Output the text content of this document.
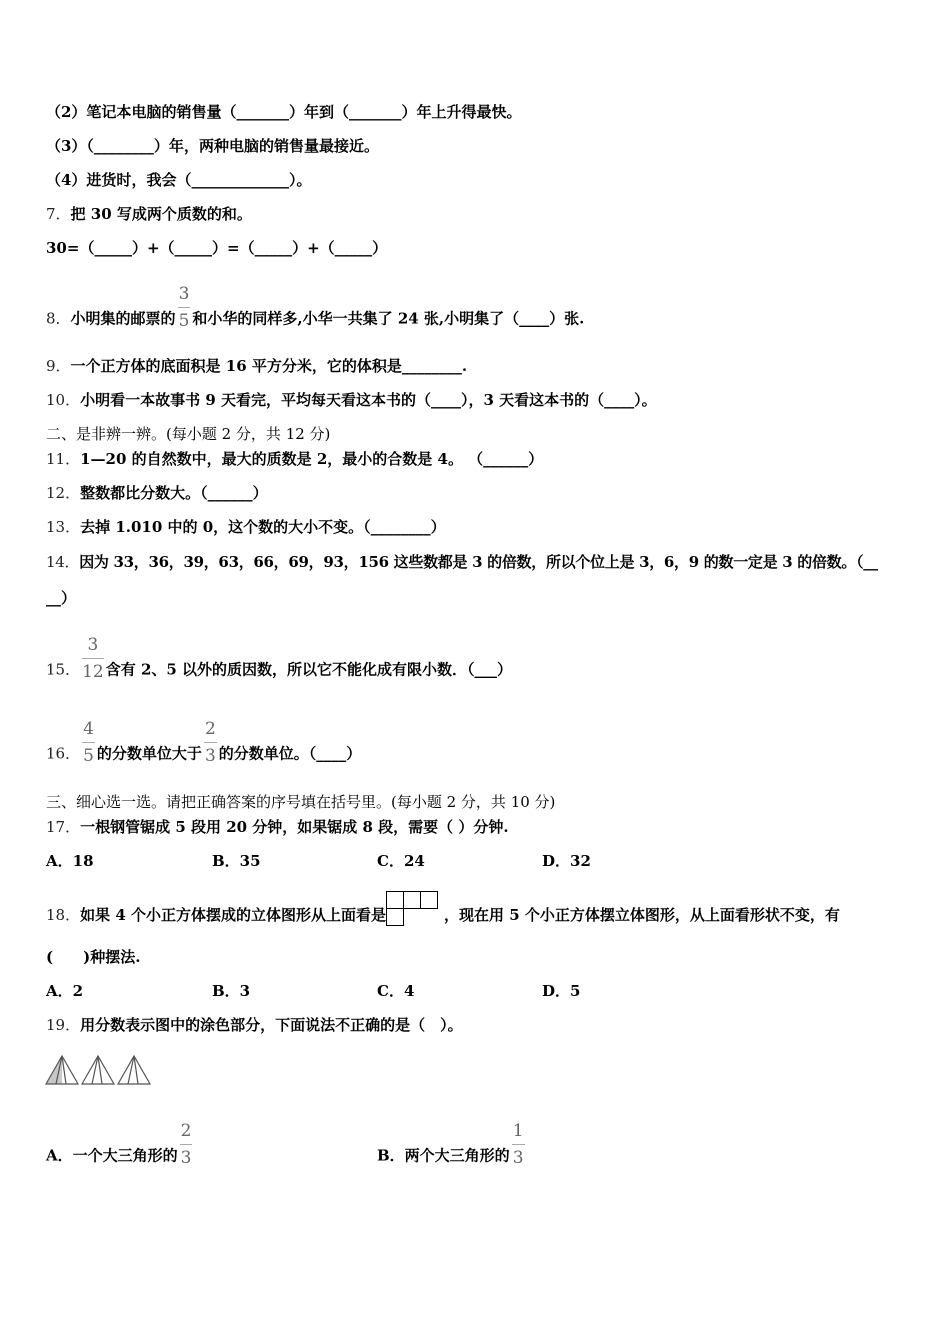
（2）笔记本电脑的销售量（_______）年到（_______）年上升得最快。
（3）（________）年，两种电脑的销售量最接近。
（4）进货时，我会（_____________）。
7．把 30 写成两个质数的和。
30=（_____）+（_____）=（_____）+（_____）
8．小明集的邮票的 $\frac{3}{5}$ 和小华的同样多,小华一共集了 24 张,小明集了（____）张.
9．一个正方体的底面积是 16 平方分米，它的体积是________.
10．小明看一本故事书 9 天看完，平均每天看这本书的（____），3 天看这本书的（____）。
二、是非辨一辨。(每小题 2 分，共 12 分)
11．1—20 的自然数中，最大的质数是 2，最小的合数是 4。 （______）
12．整数都比分数大。（______）
13．去掉 1.010 中的 0，这个数的大小不变。（________）
14．因为 33，36，39，63，66，69，93，156 这些数都是 3 的倍数，所以个位上是 3，6，9 的数一定是 3 的倍数。（__
__）
15． $\frac{3}{12}$ 含有 2、5 以外的质因数，所以它不能化成有限小数．（___）
16． $\frac{4}{5}$ 的分数单位大于 $\frac{2}{3}$ 的分数单位。（____）
三、细心选一选。请把正确答案的序号填在括号里。(每小题 2 分，共 10 分)
17．一根钢管锯成 5 段用 20 分钟，如果锯成 8 段，需要（ ）分钟.
A．18	B．35	C．24	D．32
18．如果 4 个小正方体摆成的立体图形从上面看是	，现在用 5 个小正方体摆立体图形，从上面看形状不变，有
(　　)种摆法.
A．2	B．3	C．4	D．5
19．用分数表示图中的涂色部分，下面说法不正确的是（　）。
A．一个大三角形的 $\frac{2}{3}$	B．两个大三角形的 $\frac{1}{3}$
